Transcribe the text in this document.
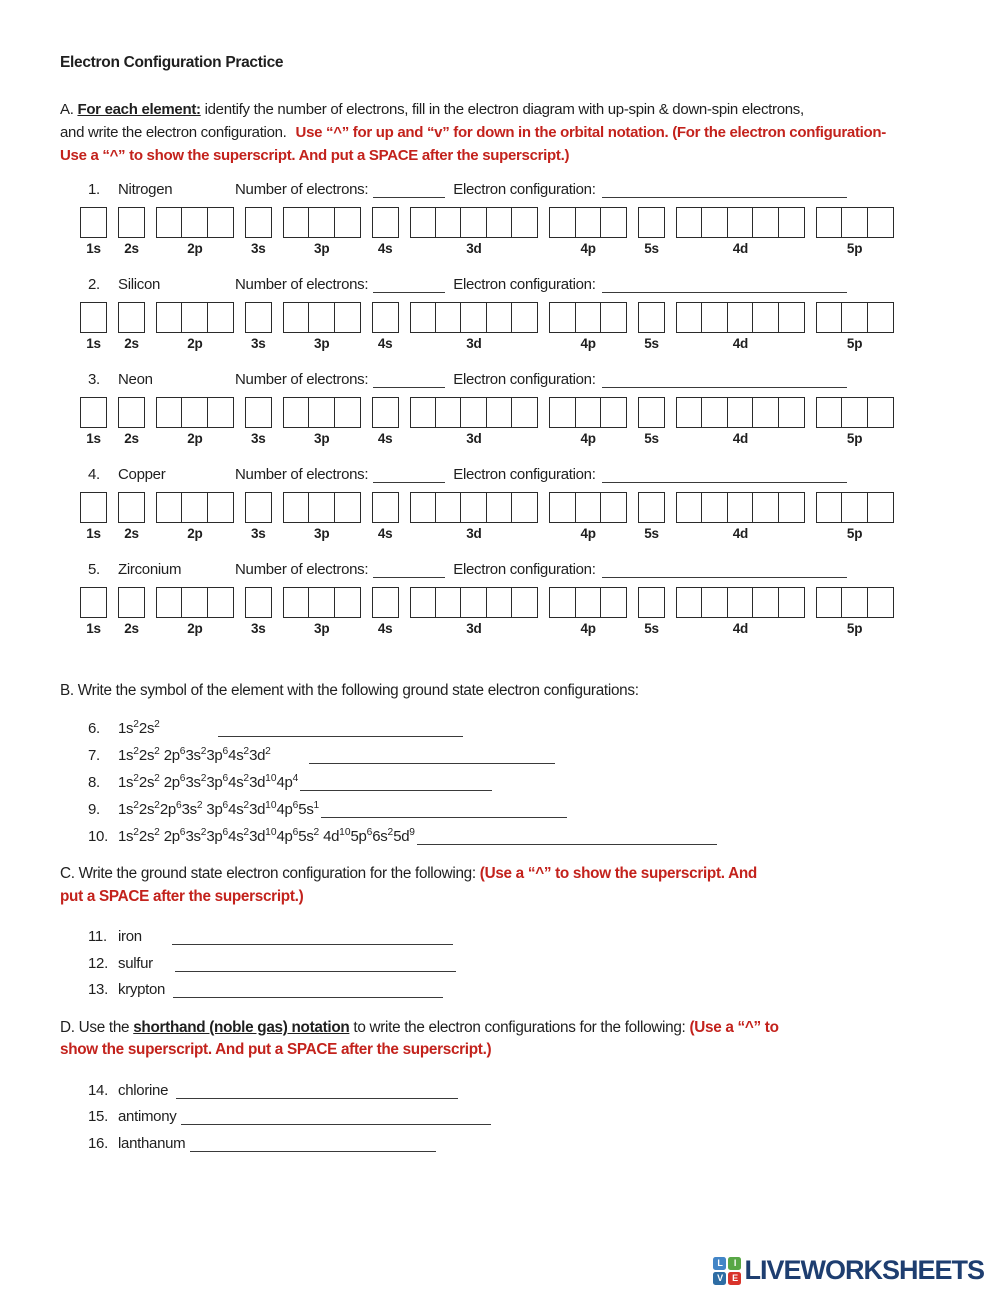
Electron Configuration Practice
A. For each element: identify the number of electrons, fill in the electron diagram with up-spin & down-spin electrons,
and write the electron configuration. Use “^” for up and “v” for down in the orbital notation. (For the electron configuration-
Use a “^” to show the superscript. And put a SPACE after the superscript.)
1. Nitrogen	Number of electrons:	Electron configuration:
1s 2s	2p	3s	3p	4s	3d	4p	5s	4d	5p
2. Silicon	Number of electrons:	Electron configuration:
1s 2s	2p	3s	3p	4s	3d	4p	5s	4d	5p
3. Neon	Number of electrons:	Electron configuration:
1s 2s	2p	3s	3p	4s	3d	4p	5s	4d	5p
4. Copper	Number of electrons:	Electron configuration:
1s 2s	2p	3s	3p	4s	3d	4p	5s	4d	5p
5. Zirconium	Number of electrons:	Electron configuration:
1s 2s	2p	3s	3p	4s	3d	4p	5s	4d	5p
B. Write the symbol of the element with the following ground state electron configurations:
6. $1s^22s^2$
7. $1s^22s^2$ $2p^63s^23p^64s^23d^2$
8. $1s^22s^2$ $2p^63s^23p^64s^23d^{10}4p^4$
9. $1s^22s^22p^63s^2$ $3p^64s^23d^{10}4p^65s^1$
10. $1s^22s^2$ $2p^63s^23p^64s^23d^{10}4p^65s^2$ $4d^{10}5p^66s^25d^9$
C. Write the ground state electron configuration for the following: (Use a “^” to show the superscript. And
put a SPACE after the superscript.)
11. iron
12. sulfur
13. krypton
D. Use the shorthand (noble gas) notation to write the electron configurations for the following: (Use a “^” to
show the superscript. And put a SPACE after the superscript.)
14. chlorine
15. antimony
16. lanthanum
L	I
V	E LIVEWORKSHEETS
